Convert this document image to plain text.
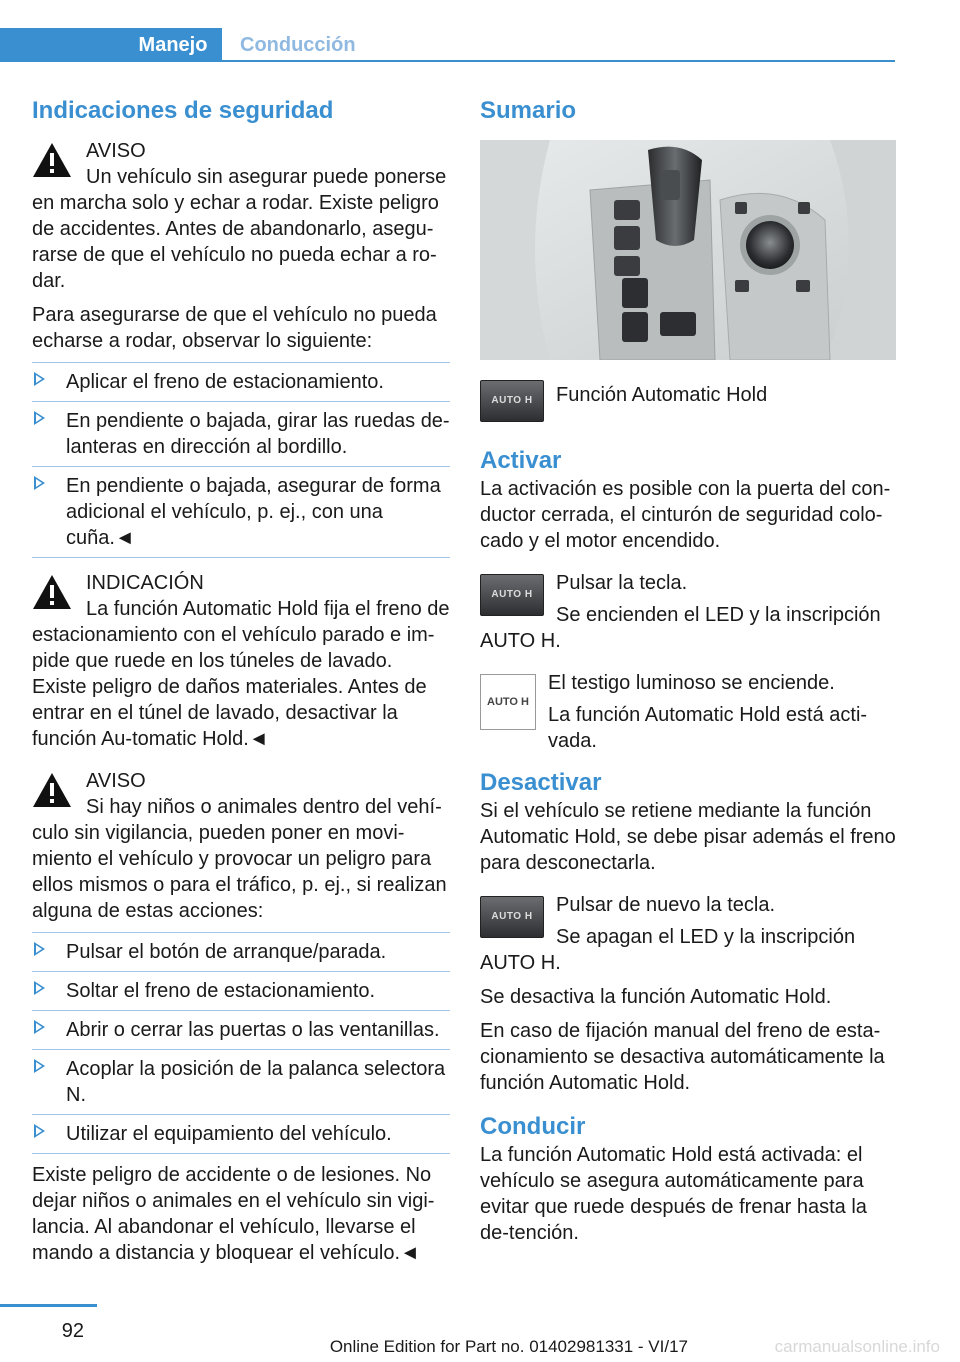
Manejo	Conducción
Indicaciones de seguridad

AVISO

Un vehículo sin asegurar puede ponerse en marcha solo y echar a rodar. Existe peligro de accidentes. Antes de abandonarlo, asegu-rarse de que el vehículo no pueda echar a ro-dar.

Para asegurarse de que el vehículo no pueda echarse a rodar, observar lo siguiente:

Aplicar el freno de estacionamiento.
En pendiente o bajada, girar las ruedas de-lanteras en dirección al bordillo.
En pendiente o bajada, asegurar de forma adicional el vehículo, p. ej., con una cuña.◄

INDICACIÓN

La función Automatic Hold fija el freno de estacionamiento con el vehículo parado e im-pide que ruede en los túneles de lavado. Existe peligro de daños materiales. Antes de entrar en el túnel de lavado, desactivar la función Au-tomatic Hold.◄

AVISO

Si hay niños o animales dentro del vehí-culo sin vigilancia, pueden poner en movi-miento el vehículo y provocar un peligro para ellos mismos o para el tráfico, p. ej., si realizan alguna de estas acciones:

Pulsar el botón de arranque/parada.
Soltar el freno de estacionamiento.
Abrir o cerrar las puertas o las ventanillas.
Acoplar la posición de la palanca selectora N.
Utilizar el equipamiento del vehículo.

Existe peligro de accidente o de lesiones. No dejar niños o animales en el vehículo sin vigi-lancia. Al abandonar el vehículo, llevarse el mando a distancia y bloquear el vehículo.◄

Sumario
AUTO H	Función Automatic Hold

Activar

La activación es posible con la puerta del con-ductor cerrada, el cinturón de seguridad colo-cado y el motor encendido.

AUTO H

Pulsar la tecla.

Se encienden el LED y la inscripción AUTO H.

AUTO H

El testigo luminoso se enciende.

La función Automatic Hold está acti-vada.

Desactivar

Si el vehículo se retiene mediante la función Automatic Hold, se debe pisar además el freno para desconectarla.

AUTO H

Pulsar de nuevo la tecla.

Se apagan el LED y la inscripción AUTO H.

Se desactiva la función Automatic Hold.

En caso de fijación manual del freno de esta-cionamiento se desactiva automáticamente la función Automatic Hold.

Conducir

La función Automatic Hold está activada: el vehículo se asegura automáticamente para evitar que ruede después de frenar hasta la de-tención.

92
Online Edition for Part no. 01402981331 - VI/17	carmanualsonline.info
